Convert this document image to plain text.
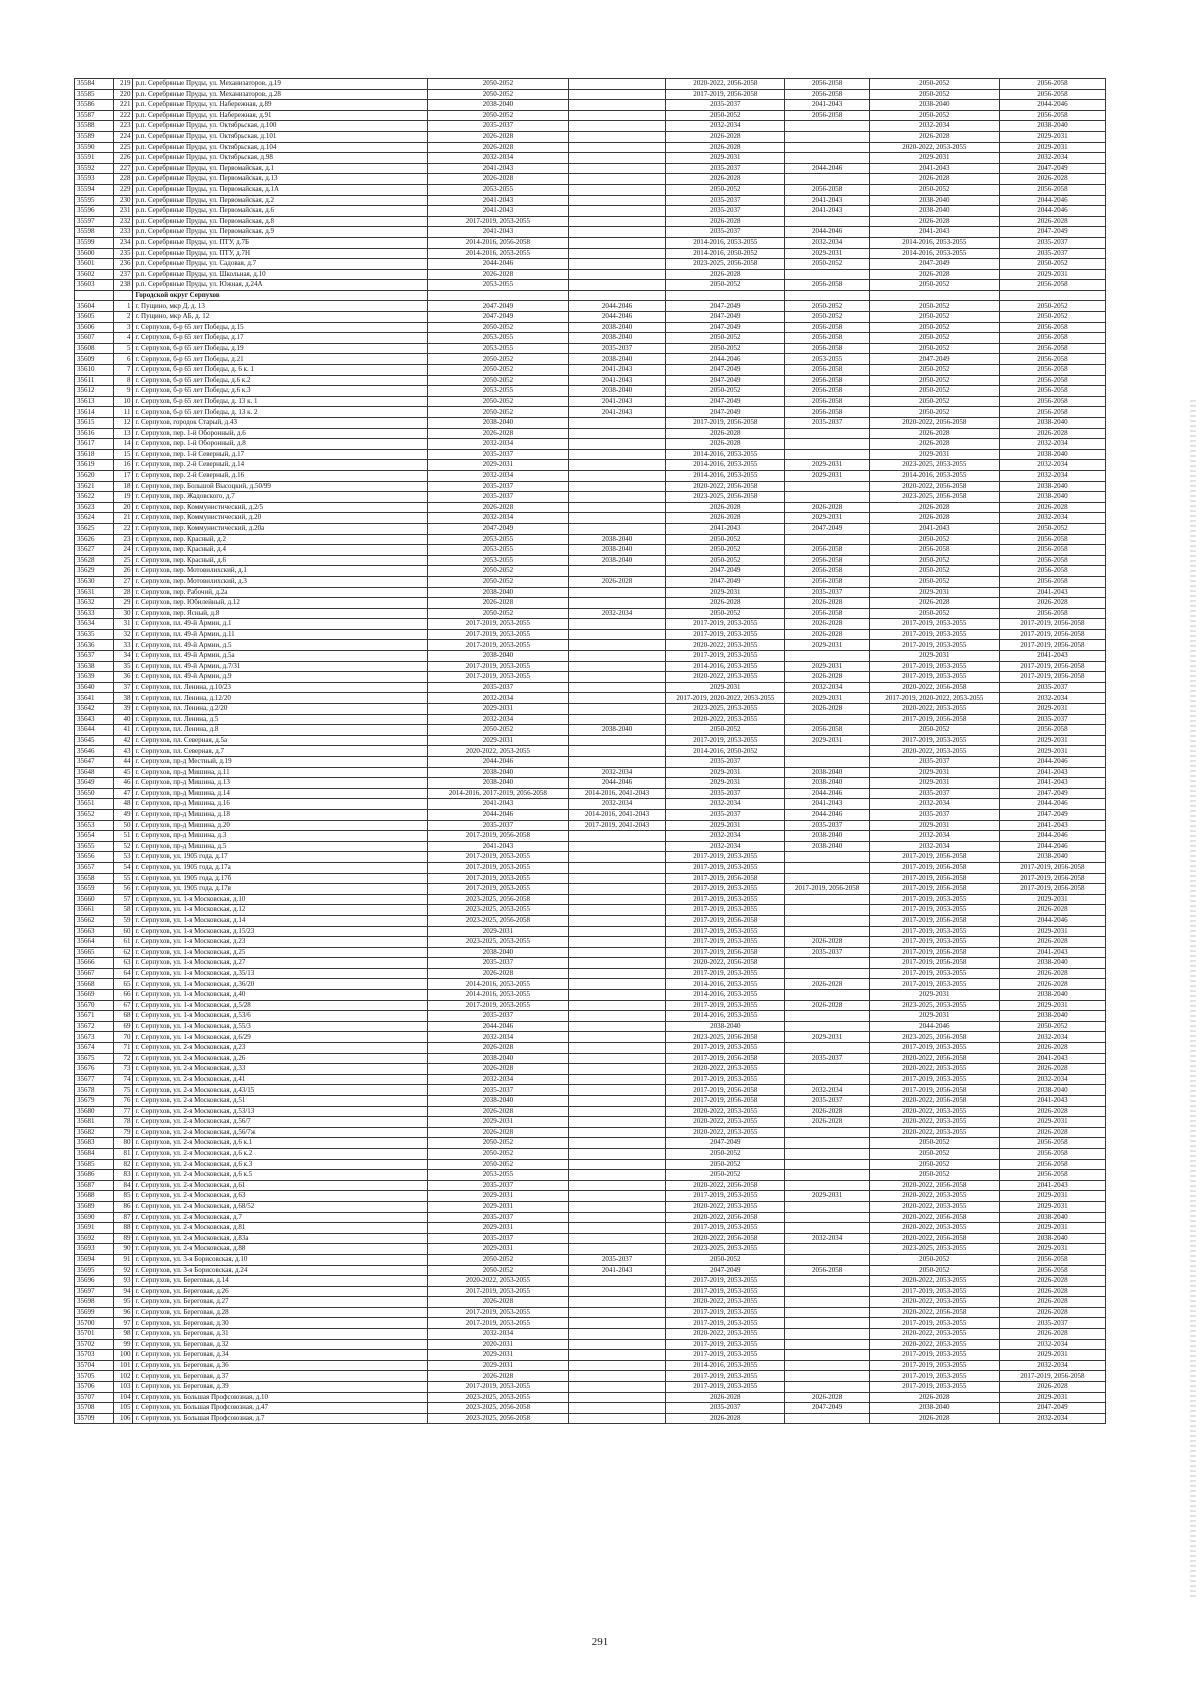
35584	219	р.п. Серебряные Пруды, ул. Механизаторов, д.19	2050-2052		2020-2022, 2056-2058	2056-2058	2050-2052	2056-2058
35585	220	р.п. Серебряные Пруды, ул. Механизаторов, д.28	2050-2052		2017-2019, 2056-2058	2056-2058	2050-2052	2056-2058
35586	221	р.п. Серебряные Пруды, ул. Набережная, д.89	2038-2040		2035-2037	2041-2043	2038-2040	2044-2046
35587	222	р.п. Серебряные Пруды, ул. Набережная, д.91	2050-2052		2050-2052	2056-2058	2050-2052	2056-2058
35588	223	р.п. Серебряные Пруды, ул. Октябрьская, д.100	2035-2037		2032-2034		2032-2034	2038-2040
35589	224	р.п. Серебряные Пруды, ул. Октябрьская, д.101	2026-2028		2026-2028		2026-2028	2029-2031
35590	225	р.п. Серебряные Пруды, ул. Октябрьская, д.104	2026-2028		2026-2028		2020-2022, 2053-2055	2029-2031
35591	226	р.п. Серебряные Пруды, ул. Октябрьская, д.98	2032-2034		2029-2031		2029-2031	2032-2034
35592	227	р.п. Серебряные Пруды, ул. Первомайская, д.1	2041-2043		2035-2037	2044-2046	2041-2043	2047-2049
35593	228	р.п. Серебряные Пруды, ул. Первомайская, д.13	2026-2028		2026-2028		2026-2028	2026-2028
35594	229	р.п. Серебряные Пруды, ул. Первомайская, д.1А	2053-2055		2050-2052	2056-2058	2050-2052	2056-2058
35595	230	р.п. Серебряные Пруды, ул. Первомайская, д.2	2041-2043		2035-2037	2041-2043	2038-2040	2044-2046
35596	231	р.п. Серебряные Пруды, ул. Первомайская, д.6	2041-2043		2035-2037	2041-2043	2038-2040	2044-2046
35597	232	р.п. Серебряные Пруды, ул. Первомайская, д.8	2017-2019, 2053-2055		2026-2028		2026-2028	2026-2028
35598	233	р.п. Серебряные Пруды, ул. Первомайская, д.9	2041-2043		2035-2037	2044-2046	2041-2043	2047-2049
35599	234	р.п. Серебряные Пруды, ул. ПТУ, д.7Б	2014-2016, 2056-2058		2014-2016, 2053-2055	2032-2034	2014-2016, 2053-2055	2035-2037
35600	235	р.п. Серебряные Пруды, ул. ПТУ, д.7Н	2014-2016, 2053-2055		2014-2016, 2050-2052	2029-2031	2014-2016, 2053-2055	2035-2037
35601	236	р.п. Серебряные Пруды, ул. Садовая, д.7	2044-2046		2023-2025, 2056-2058	2050-2052	2047-2049	2050-2052
35602	237	р.п. Серебряные Пруды, ул. Школьная, д.10	2026-2028		2026-2028		2026-2028	2029-2031
35603	238	р.п. Серебряные Пруды, ул. Южная, д.24А	2053-2055		2050-2052	2056-2058	2050-2052	2056-2058
		Городской округ Серпухов						
35604	1	г. Пущино, мкр Д, д. 13	2047-2049	2044-2046	2047-2049	2050-2052	2050-2052	2050-2052
35605	2	г. Пущино, мкр АБ, д. 12	2047-2049	2044-2046	2047-2049	2050-2052	2050-2052	2050-2052
35606	3	г. Серпухов, б-р 65 лет Победы, д.15	2050-2052	2038-2040	2047-2049	2056-2058	2050-2052	2056-2058
35607	4	г. Серпухов, б-р 65 лет Победы, д.17	2053-2055	2038-2040	2050-2052	2056-2058	2050-2052	2056-2058
35608	5	г. Серпухов, б-р 65 лет Победы, д.19	2053-2055	2035-2037	2050-2052	2056-2058	2050-2052	2056-2058
35609	6	г. Серпухов, б-р 65 лет Победы, д.21	2050-2052	2038-2040	2044-2046	2053-2055	2047-2049	2056-2058
35610	7	г. Серпухов, б-р 65 лет Победы, д. 6 к. 1	2050-2052	2041-2043	2047-2049	2056-2058	2050-2052	2056-2058
35611	8	г. Серпухов, б-р 65 лет Победы, д.6 к.2	2050-2052	2041-2043	2047-2049	2056-2058	2050-2052	2056-2058
35612	9	г. Серпухов, б-р 65 лет Победы, д.6 к.3	2053-2055	2038-2040	2050-2052	2056-2058	2050-2052	2056-2058
35613	10	г. Серпухов, б-р 65 лет Победы, д. 13 к. 1	2050-2052	2041-2043	2047-2049	2056-2058	2050-2052	2056-2058
35614	11	г. Серпухов, б-р 65 лет Победы, д. 13 к. 2	2050-2052	2041-2043	2047-2049	2056-2058	2050-2052	2056-2058
35615	12	г. Серпухов, городок Старый, д.43	2038-2040		2017-2019, 2056-2058	2035-2037	2020-2022, 2056-2058	2038-2040
35616	13	г. Серпухов, пер. 1-й Оборонный, д.6	2026-2028		2026-2028		2026-2028	2026-2028
35617	14	г. Серпухов, пер. 1-й Оборонный, д.8	2032-2034		2026-2028		2026-2028	2032-2034
35618	15	г. Серпухов, пер. 1-й Северный, д.17	2035-2037		2014-2016, 2053-2055		2029-2031	2038-2040
35619	16	г. Серпухов, пер. 2-й Северный, д.14	2029-2031		2014-2016, 2053-2055	2029-2031	2023-2025, 2053-2055	2032-2034
35620	17	г. Серпухов, пер. 2-й Северный, д.16	2032-2034		2014-2016, 2053-2055	2029-2031	2014-2016, 2053-2055	2032-2034
35621	18	г. Серпухов, пер. Большой Высоцкий, д.50/99	2035-2037		2020-2022, 2056-2058		2020-2022, 2056-2058	2038-2040
35622	19	г. Серпухов, пер. Жадовского, д.7	2035-2037		2023-2025, 2056-2058		2023-2025, 2056-2058	2038-2040
35623	20	г. Серпухов, пер. Коммунистический, д.2/5	2026-2028		2026-2028	2026-2028	2026-2028	2026-2028
35624	21	г. Серпухов, пер. Коммунистический, д.20	2032-2034		2026-2028	2029-2031	2026-2028	2032-2034
35625	22	г. Серпухов, пер. Коммунистический, д.20а	2047-2049		2041-2043	2047-2049	2041-2043	2050-2052
35626	23	г. Серпухов, пер. Красный, д.2	2053-2055	2038-2040	2050-2052		2050-2052	2056-2058
35627	24	г. Серпухов, пер. Красный, д.4	2053-2055	2038-2040	2050-2052	2056-2058	2056-2058	2056-2058
35628	25	г. Серпухов, пер. Красный, д.6	2053-2055	2038-2040	2050-2052	2056-2058	2050-2052	2056-2058
35629	26	г. Серпухов, пер. Мотовилихский, д.1	2050-2052		2047-2049	2056-2058	2050-2052	2056-2058
35630	27	г. Серпухов, пер. Мотовилихский, д.3	2050-2052	2026-2028	2047-2049	2056-2058	2050-2052	2056-2058
35631	28	г. Серпухов, пер. Рабочий, д.2а	2038-2040		2029-2031	2035-2037	2029-2031	2041-2043
35632	29	г. Серпухов, пер. Юбилейный, д.12	2026-2028		2026-2028	2026-2028	2026-2028	2026-2028
35633	30	г. Серпухов, пер. Ясный, д.8	2050-2052	2032-2034	2050-2052	2056-2058	2050-2052	2056-2058
35634	31	г. Серпухов, пл. 49-й Армии, д.1	2017-2019, 2053-2055		2017-2019, 2053-2055	2026-2028	2017-2019, 2053-2055	2017-2019, 2056-2058
35635	32	г. Серпухов, пл. 49-й Армии, д.11	2017-2019, 2053-2055		2017-2019, 2053-2055	2026-2028	2017-2019, 2053-2055	2017-2019, 2056-2058
35636	33	г. Серпухов, пл. 49-й Армии, д.5	2017-2019, 2053-2055		2020-2022, 2053-2055	2029-2031	2017-2019, 2053-2055	2017-2019, 2056-2058
35637	34	г. Серпухов, пл. 49-й Армии, д.5а	2038-2040		2017-2019, 2053-2055		2029-2031	2041-2043
35638	35	г. Серпухов, пл. 49-й Армии, д.7/31	2017-2019, 2053-2055		2014-2016, 2053-2055	2029-2031	2017-2019, 2053-2055	2017-2019, 2056-2058
35639	36	г. Серпухов, пл. 49-й Армии, д.9	2017-2019, 2053-2055		2020-2022, 2053-2055	2026-2028	2017-2019, 2053-2055	2017-2019, 2056-2058
35640	37	г. Серпухов, пл. Ленина, д.10/23	2035-2037		2029-2031	2032-2034	2020-2022, 2056-2058	2035-2037
35641	38	г. Серпухов, пл. Ленина, д.12/20	2032-2034		2017-2019, 2020-2022, 2053-2055	2029-2031	2017-2019, 2020-2022, 2053-2055	2032-2034
35642	39	г. Серпухов, пл. Ленина, д.2/20	2029-2031		2023-2025, 2053-2055	2026-2028	2020-2022, 2053-2055	2029-2031
35643	40	г. Серпухов, пл. Ленина, д.5	2032-2034		2020-2022, 2053-2055		2017-2019, 2056-2058	2035-2037
35644	41	г. Серпухов, пл. Ленина, д.8	2050-2052	2038-2040	2050-2052	2056-2058	2050-2052	2056-2058
35645	42	г. Серпухов, пл. Северная, д.5а	2029-2031		2017-2019, 2053-2055	2029-2031	2017-2019, 2053-2055	2029-2031
35646	43	г. Серпухов, пл. Северная, д.7	2020-2022, 2053-2055		2014-2016, 2050-2052		2020-2022, 2053-2055	2029-2031
35647	44	г. Серпухов, пр-д Местный, д.19	2044-2046		2035-2037		2035-2037	2044-2046
35648	45	г. Серпухов, пр-д Мишина, д.11	2038-2040	2032-2034	2029-2031	2038-2040	2029-2031	2041-2043
35649	46	г. Серпухов, пр-д Мишина, д.13	2038-2040	2044-2046	2029-2031	2038-2040	2029-2031	2041-2043
35650	47	г. Серпухов, пр-д Мишина, д.14	2014-2016, 2017-2019, 2056-2058	2014-2016, 2041-2043	2035-2037	2044-2046	2035-2037	2047-2049
35651	48	г. Серпухов, пр-д Мишина, д.16	2041-2043	2032-2034	2032-2034	2041-2043	2032-2034	2044-2046
35652	49	г. Серпухов, пр-д Мишина, д.18	2044-2046	2014-2016, 2041-2043	2035-2037	2044-2046	2035-2037	2047-2049
35653	50	г. Серпухов, пр-д Мишина, д.20	2035-2037	2017-2019, 2041-2043	2029-2031	2035-2037	2029-2031	2041-2043
35654	51	г. Серпухов, пр-д Мишина, д.3	2017-2019, 2056-2058		2032-2034	2038-2040	2032-2034	2044-2046
35655	52	г. Серпухов, пр-д Мишина, д.5	2041-2043		2032-2034	2038-2040	2032-2034	2044-2046
35656	53	г. Серпухов, ул. 1905 года, д.17	2017-2019, 2053-2055		2017-2019, 2053-2055		2017-2019, 2056-2058	2038-2040
35657	54	г. Серпухов, ул. 1905 года, д.17а	2017-2019, 2053-2055		2017-2019, 2053-2055		2017-2019, 2056-2058	2017-2019, 2056-2058
35658	55	г. Серпухов, ул. 1905 года, д.17б	2017-2019, 2053-2055		2017-2019, 2056-2058		2017-2019, 2056-2058	2017-2019, 2056-2058
35659	56	г. Серпухов, ул. 1905 года, д.17в	2017-2019, 2053-2055		2017-2019, 2053-2055	2017-2019, 2056-2058	2017-2019, 2056-2058	2017-2019, 2056-2058
35660	57	г. Серпухов, ул. 1-я Московская, д.10	2023-2025, 2056-2058		2017-2019, 2053-2055		2017-2019, 2053-2055	2029-2031
35661	58	г. Серпухов, ул. 1-я Московская, д.12	2023-2025, 2053-2055		2017-2019, 2053-2055		2017-2019, 2053-2055	2026-2028
35662	59	г. Серпухов, ул. 1-я Московская, д.14	2023-2025, 2056-2058		2017-2019, 2056-2058		2017-2019, 2056-2058	2044-2046
35663	60	г. Серпухов, ул. 1-я Московская, д.15/23	2029-2031		2017-2019, 2053-2055		2017-2019, 2053-2055	2029-2031
35664	61	г. Серпухов, ул. 1-я Московская, д.23	2023-2025, 2053-2055		2017-2019, 2053-2055	2026-2028	2017-2019, 2053-2055	2026-2028
35665	62	г. Серпухов, ул. 1-я Московская, д.25	2038-2040		2017-2019, 2056-2058	2035-2037	2017-2019, 2056-2058	2041-2043
35666	63	г. Серпухов, ул. 1-я Московская, д.27	2035-2037		2020-2022, 2056-2058		2017-2019, 2056-2058	2038-2040
35667	64	г. Серпухов, ул. 1-я Московская, д.35/13	2026-2028		2017-2019, 2053-2055		2017-2019, 2053-2055	2026-2028
35668	65	г. Серпухов, ул. 1-я Московская, д.36/20	2014-2016, 2053-2055		2014-2016, 2053-2055	2026-2028	2017-2019, 2053-2055	2026-2028
35669	66	г. Серпухов, ул. 1-я Московская, д.40	2014-2016, 2053-2055		2014-2016, 2053-2055		2029-2031	2038-2040
35670	67	г. Серпухов, ул. 1-я Московская, д.5/28	2017-2019, 2053-2055		2017-2019, 2053-2055	2026-2028	2023-2025, 2053-2055	2029-2031
35671	68	г. Серпухов, ул. 1-я Московская, д.53/6	2035-2037		2014-2016, 2053-2055		2029-2031	2038-2040
35672	69	г. Серпухов, ул. 1-я Московская, д.55/3	2044-2046		2038-2040		2044-2046	2050-2052
35673	70	г. Серпухов, ул. 1-я Московская, д.6/29	2032-2034		2023-2025, 2056-2058	2029-2031	2023-2025, 2056-2058	2032-2034
35674	71	г. Серпухов, ул. 2-я Московская, д.23	2026-2028		2017-2019, 2053-2055		2017-2019, 2053-2055	2026-2028
35675	72	г. Серпухов, ул. 2-я Московская, д.26	2038-2040		2017-2019, 2056-2058	2035-2037	2020-2022, 2056-2058	2041-2043
35676	73	г. Серпухов, ул. 2-я Московская, д.33	2026-2028		2020-2022, 2053-2055		2020-2022, 2053-2055	2026-2028
35677	74	г. Серпухов, ул. 2-я Московская, д.41	2032-2034		2017-2019, 2053-2055		2017-2019, 2053-2055	2032-2034
35678	75	г. Серпухов, ул. 2-я Московская, д.43/15	2035-2037		2017-2019, 2056-2058	2032-2034	2017-2019, 2056-2058	2038-2040
35679	76	г. Серпухов, ул. 2-я Московская, д.51	2038-2040		2017-2019, 2056-2058	2035-2037	2020-2022, 2056-2058	2041-2043
35680	77	г. Серпухов, ул. 2-я Московская, д.53/13	2026-2028		2020-2022, 2053-2055	2026-2028	2020-2022, 2053-2055	2026-2028
35681	78	г. Серпухов, ул. 2-я Московская, д.56/7	2029-2031		2020-2022, 2053-2055	2026-2028	2020-2022, 2053-2055	2029-2031
35682	79	г. Серпухов, ул. 2-я Московская, д.56/7ж	2026-2028		2020-2022, 2053-2055		2020-2022, 2053-2055	2026-2028
35683	80	г. Серпухов, ул. 2-я Московская, д.6 к.1	2050-2052		2047-2049		2050-2052	2056-2058
35684	81	г. Серпухов, ул. 2-я Московская, д.6 к.2	2050-2052		2050-2052		2050-2052	2056-2058
35685	82	г. Серпухов, ул. 2-я Московская, д.6 к.3	2050-2052		2050-2052		2050-2052	2056-2058
35686	83	г. Серпухов, ул. 2-я Московская, д.6 к.5	2053-2055		2050-2052		2050-2052	2056-2058
35687	84	г. Серпухов, ул. 2-я Московская, д.61	2035-2037		2020-2022, 2056-2058		2020-2022, 2056-2058	2041-2043
35688	85	г. Серпухов, ул. 2-я Московская, д.63	2029-2031		2017-2019, 2053-2055	2029-2031	2020-2022, 2053-2055	2029-2031
35689	86	г. Серпухов, ул. 2-я Московская, д.68/52	2029-2031		2020-2022, 2053-2055		2020-2022, 2053-2055	2029-2031
35690	87	г. Серпухов, ул. 2-я Московская, д.7	2035-2037		2020-2022, 2056-2058		2020-2022, 2056-2058	2038-2040
35691	88	г. Серпухов, ул. 2-я Московская, д.81	2029-2031		2017-2019, 2053-2055		2020-2022, 2053-2055	2029-2031
35692	89	г. Серпухов, ул. 2-я Московская, д.83а	2035-2037		2020-2022, 2056-2058	2032-2034	2020-2022, 2056-2058	2038-2040
35693	90	г. Серпухов, ул. 2-я Московская, д.88	2029-2031		2023-2025, 2053-2055		2023-2025, 2053-2055	2029-2031
35694	91	г. Серпухов, ул. 3-я Борисовская, д.10	2050-2052	2035-2037	2050-2052		2050-2052	2056-2058
35695	92	г. Серпухов, ул. 3-я Борисовская, д.24	2050-2052	2041-2043	2047-2049	2056-2058	2050-2052	2056-2058
35696	93	г. Серпухов, ул. Береговая, д.14	2020-2022, 2053-2055		2017-2019, 2053-2055		2020-2022, 2053-2055	2026-2028
35697	94	г. Серпухов, ул. Береговая, д.26	2017-2019, 2053-2055		2017-2019, 2053-2055		2017-2019, 2053-2055	2026-2028
35698	95	г. Серпухов, ул. Береговая, д.27	2026-2028		2020-2022, 2053-2055		2020-2022, 2053-2055	2026-2028
35699	96	г. Серпухов, ул. Береговая, д.28	2017-2019, 2053-2055		2017-2019, 2053-2055		2020-2022, 2056-2058	2026-2028
35700	97	г. Серпухов, ул. Береговая, д.30	2017-2019, 2053-2055		2017-2019, 2053-2055		2017-2019, 2053-2055	2035-2037
35701	98	г. Серпухов, ул. Береговая, д.31	2032-2034		2020-2022, 2053-2055		2020-2022, 2053-2055	2026-2028
35702	99	г. Серпухов, ул. Береговая, д.32	2020-2031		2017-2019, 2053-2055		2020-2022, 2053-2055	2032-2034
35703	100	г. Серпухов, ул. Береговая, д.34	2029-2031		2017-2019, 2053-2055		2017-2019, 2053-2055	2029-2031
35704	101	г. Серпухов, ул. Береговая, д.36	2029-2031		2014-2016, 2053-2055		2017-2019, 2053-2055	2032-2034
35705	102	г. Серпухов, ул. Береговая, д.37	2026-2028		2017-2019, 2053-2055		2017-2019, 2053-2055	2017-2019, 2056-2058
35706	103	г. Серпухов, ул. Береговая, д.39	2017-2019, 2053-2055		2017-2019, 2053-2055		2017-2019, 2053-2055	2026-2028
35707	104	г. Серпухов, ул. Большая Профсоюзная, д.10	2023-2025, 2053-2055		2026-2028	2026-2028	2026-2028	2029-2031
35708	105	г. Серпухов, ул. Большая Профсоюзная, д.47	2023-2025, 2056-2058		2035-2037	2047-2049	2038-2040	2047-2049
35709	106	г. Серпухов, ул. Большая Профсоюзная, д.7	2023-2025, 2056-2058		2026-2028		2026-2028	2032-2034
291
